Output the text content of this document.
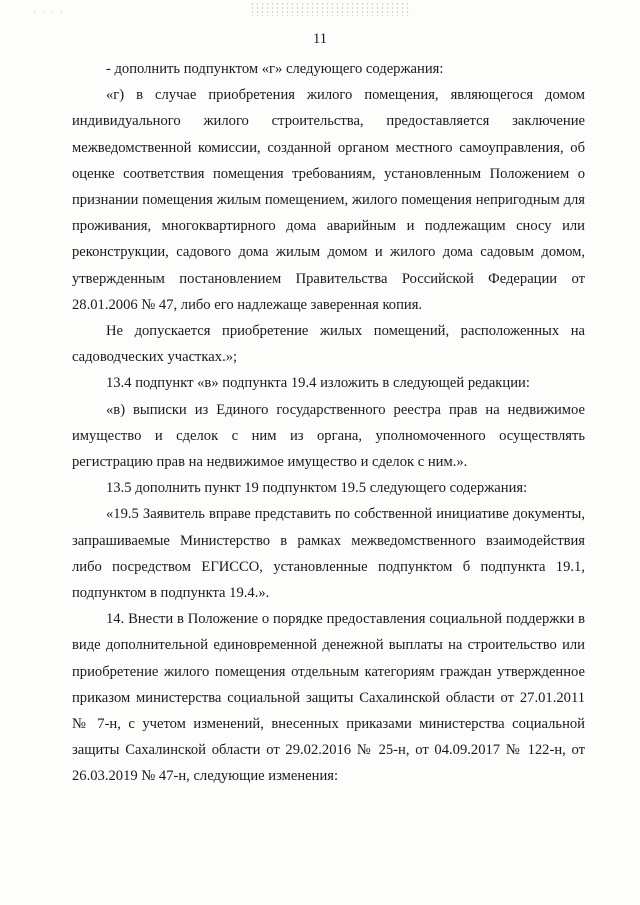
11

- дополнить подпунктом «г» следующего содержания:

«г) в случае приобретения жилого помещения, являющегося домом индивидуального жилого строительства, предоставляется заключение межведомственной комиссии, созданной органом местного самоуправления, об оценке соответствия помещения требованиям, установленным Положением о признании помещения жилым помещением, жилого помещения непригодным для проживания, многоквартирного дома аварийным и подлежащим сносу или реконструкции, садового дома жилым домом и жилого дома садовым домом, утвержденным постановлением Правительства Российской Федерации от 28.01.2006 № 47, либо его надлежаще заверенная копия.

Не допускается приобретение жилых помещений, расположенных на садоводческих участках.»;

13.4 подпункт «в» подпункта 19.4 изложить в следующей редакции:

«в) выписки из Единого государственного реестра прав на недвижимое имущество и сделок с ним из органа, уполномоченного осуществлять регистрацию прав на недвижимое имущество и сделок с ним.».

13.5 дополнить пункт 19 подпунктом 19.5 следующего содержания:

«19.5 Заявитель вправе представить по собственной инициативе документы, запрашиваемые Министерство в рамках межведомственного взаимодействия либо посредством ЕГИССО, установленные подпунктом б подпункта 19.1, подпунктом в подпункта 19.4.».

14. Внести в Положение о порядке предоставления социальной поддержки в виде дополнительной единовременной денежной выплаты на строительство или приобретение жилого помещения отдельным категориям граждан утвержденное приказом министерства социальной защиты Сахалинской области от 27.01.2011 № 7-н, с учетом изменений, внесенных приказами министерства социальной защиты Сахалинской области от 29.02.2016 № 25-н, от 04.09.2017 № 122-н, от 26.03.2019 № 47-н, следующие изменения:
